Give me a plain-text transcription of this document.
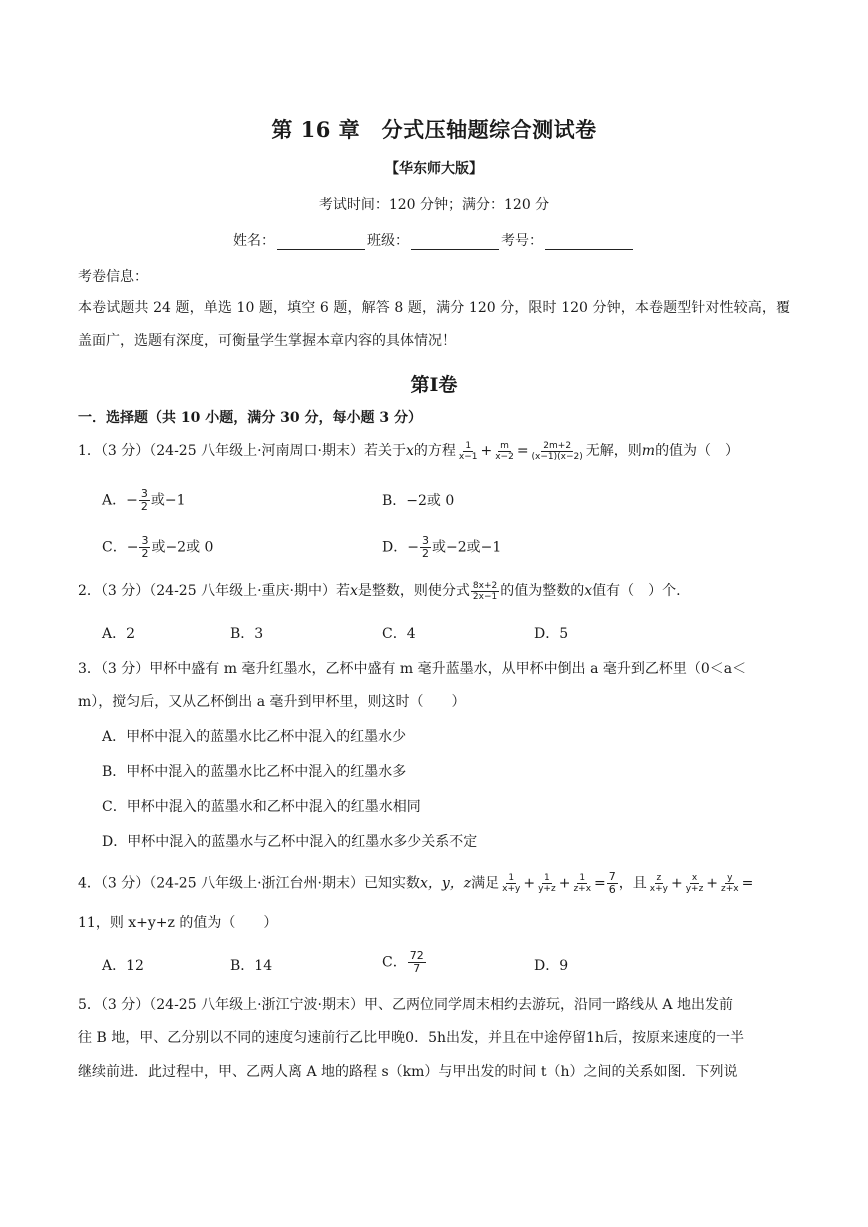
第 16 章　分式压轴题综合测试卷
【华东师大版】
考试时间：120 分钟；满分：120 分
姓名：	班级：	考号：
考卷信息：
本卷试题共 24 题，单选 10 题，填空 6 题，解答 8 题，满分 120 分，限时 120 分钟，本卷题型针对性较高，覆盖面广，选题有深度，可衡量学生掌握本章内容的具体情况！
第Ⅰ卷
一．选择题（共 10 小题，满分 30 分，每小题 3 分）
1．（3 分）（24-25 八年级上·河南周口·期末）若关于x的方程 $\frac{1}{x-1} + \frac{m}{x-2} = \frac{2m+2}{(x-1)(x-2)}$ 无解，则m的值为（　）
A．− $\frac{3}{2}$ 或−1	B．−2或 0
C．− $\frac{3}{2}$ 或−2或 0	D．− $\frac{3}{2}$ 或−2或−1
2．（3 分）（24-25 八年级上·重庆·期中）若x是整数，则使分式 $\frac{8x+2}{2x-1}$ 的值为整数的x值有（　）个.
A．2	B．3	C．4	D．5
3．（3 分）甲杯中盛有 m 毫升红墨水，乙杯中盛有 m 毫升蓝墨水，从甲杯中倒出 a 毫升到乙杯里（0＜a＜
m），搅匀后，又从乙杯倒出 a 毫升到甲杯里，则这时（　　）
A．甲杯中混入的蓝墨水比乙杯中混入的红墨水少
B．甲杯中混入的蓝墨水比乙杯中混入的红墨水多
C．甲杯中混入的蓝墨水和乙杯中混入的红墨水相同
D．甲杯中混入的蓝墨水与乙杯中混入的红墨水多少关系不定
4．（3 分）（24-25 八年级上·浙江台州·期末）已知实数x，y，z满足 $\frac{1}{x+y} + \frac{1}{y+z} + \frac{1}{z+x} = \frac{7}{6}$ ，且 $\frac{z}{x+y} + \frac{x}{y+z} + \frac{y}{z+x}$ =
11，则 x+y+z 的值为（　　）
A．12	B．14	C． $\frac{72}{7}$	D．9
5．（3 分）（24-25 八年级上·浙江宁波·期末）甲、乙两位同学周末相约去游玩，沿同一路线从 A 地出发前
往 B 地，甲、乙分别以不同的速度匀速前行乙比甲晚0．5h出发，并且在中途停留1h后，按原来速度的一半
继续前进．此过程中，甲、乙两人离 A 地的路程 s（km）与甲出发的时间 t（h）之间的关系如图．下列说
